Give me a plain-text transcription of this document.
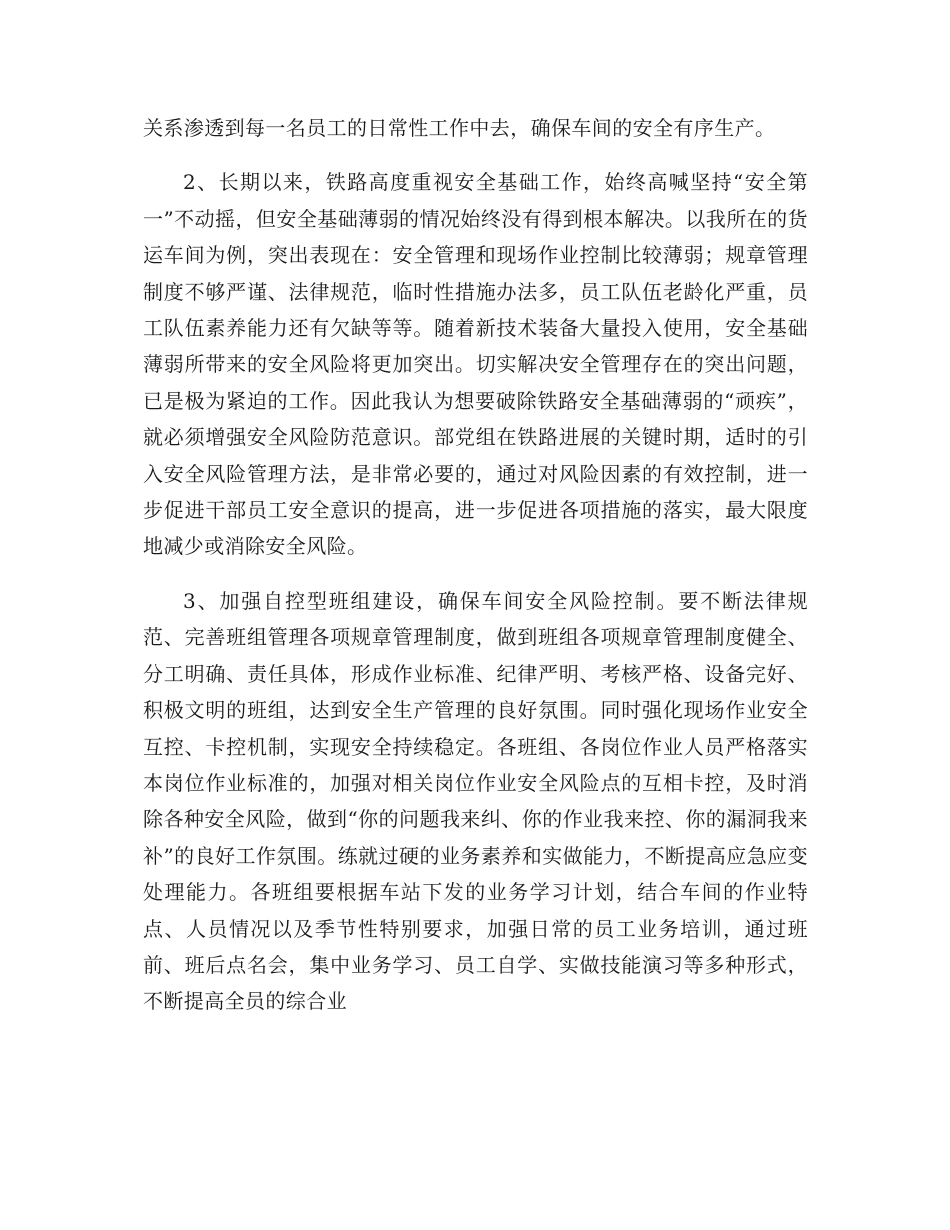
关系渗透到每一名员工的日常性工作中去，确保车间的安全有序生产。

2、长期以来，铁路高度重视安全基础工作，始终高喊坚持“安全第一”不动摇，但安全基础薄弱的情况始终没有得到根本解决。以我所在的货运车间为例，突出表现在：安全管理和现场作业控制比较薄弱；规章管理制度不够严谨、法律规范，临时性措施办法多，员工队伍老龄化严重，员工队伍素养能力还有欠缺等等。随着新技术装备大量投入使用，安全基础薄弱所带来的安全风险将更加突出。切实解决安全管理存在的突出问题，已是极为紧迫的工作。因此我认为想要破除铁路安全基础薄弱的“顽疾”，就必须增强安全风险防范意识。部党组在铁路进展的关键时期，适时的引入安全风险管理方法，是非常必要的，通过对风险因素的有效控制，进一步促进干部员工安全意识的提高，进一步促进各项措施的落实，最大限度地减少或消除安全风险。

3、加强自控型班组建设，确保车间安全风险控制。要不断法律规范、完善班组管理各项规章管理制度，做到班组各项规章管理制度健全、分工明确、责任具体，形成作业标准、纪律严明、考核严格、设备完好、积极文明的班组，达到安全生产管理的良好氛围。同时强化现场作业安全互控、卡控机制，实现安全持续稳定。各班组、各岗位作业人员严格落实本岗位作业标准的，加强对相关岗位作业安全风险点的互相卡控，及时消除各种安全风险，做到“你的问题我来纠、你的作业我来控、你的漏洞我来补”的良好工作氛围。练就过硬的业务素养和实做能力，不断提高应急应变处理能力。各班组要根据车站下发的业务学习计划，结合车间的作业特点、人员情况以及季节性特别要求，加强日常的员工业务培训，通过班前、班后点名会，集中业务学习、员工自学、实做技能演习等多种形式，不断提高全员的综合业
